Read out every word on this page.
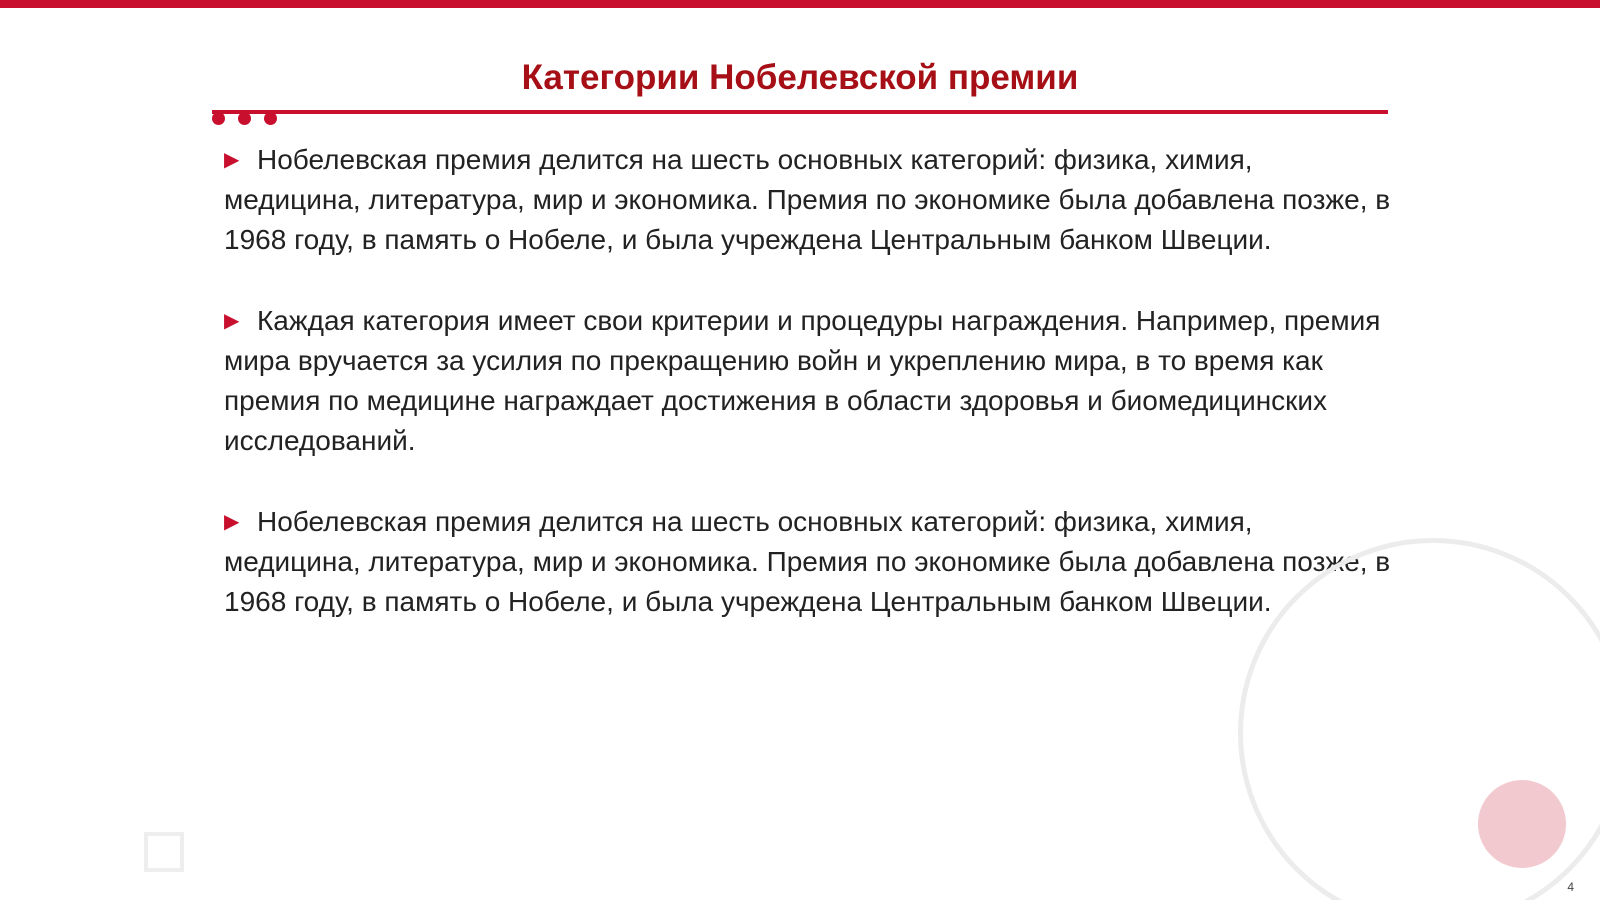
Категории Нобелевской премии

▶ Нобелевская премия делится на шесть основных категорий: физика, химия, медицина, литература, мир и экономика. Премия по экономике была добавлена позже, в 1968 году, в память о Нобеле, и была учреждена Центральным банком Швеции.

▶ Каждая категория имеет свои критерии и процедуры награждения. Например, премия мира вручается за усилия по прекращению войн и укреплению мира, в то время как премия по медицине награждает достижения в области здоровья и биомедицинских исследований.

▶ Нобелевская премия делится на шесть основных категорий: физика, химия, медицина, литература, мир и экономика. Премия по экономике была добавлена позже, в 1968 году, в память о Нобеле, и была учреждена Центральным банком Швеции.

4
